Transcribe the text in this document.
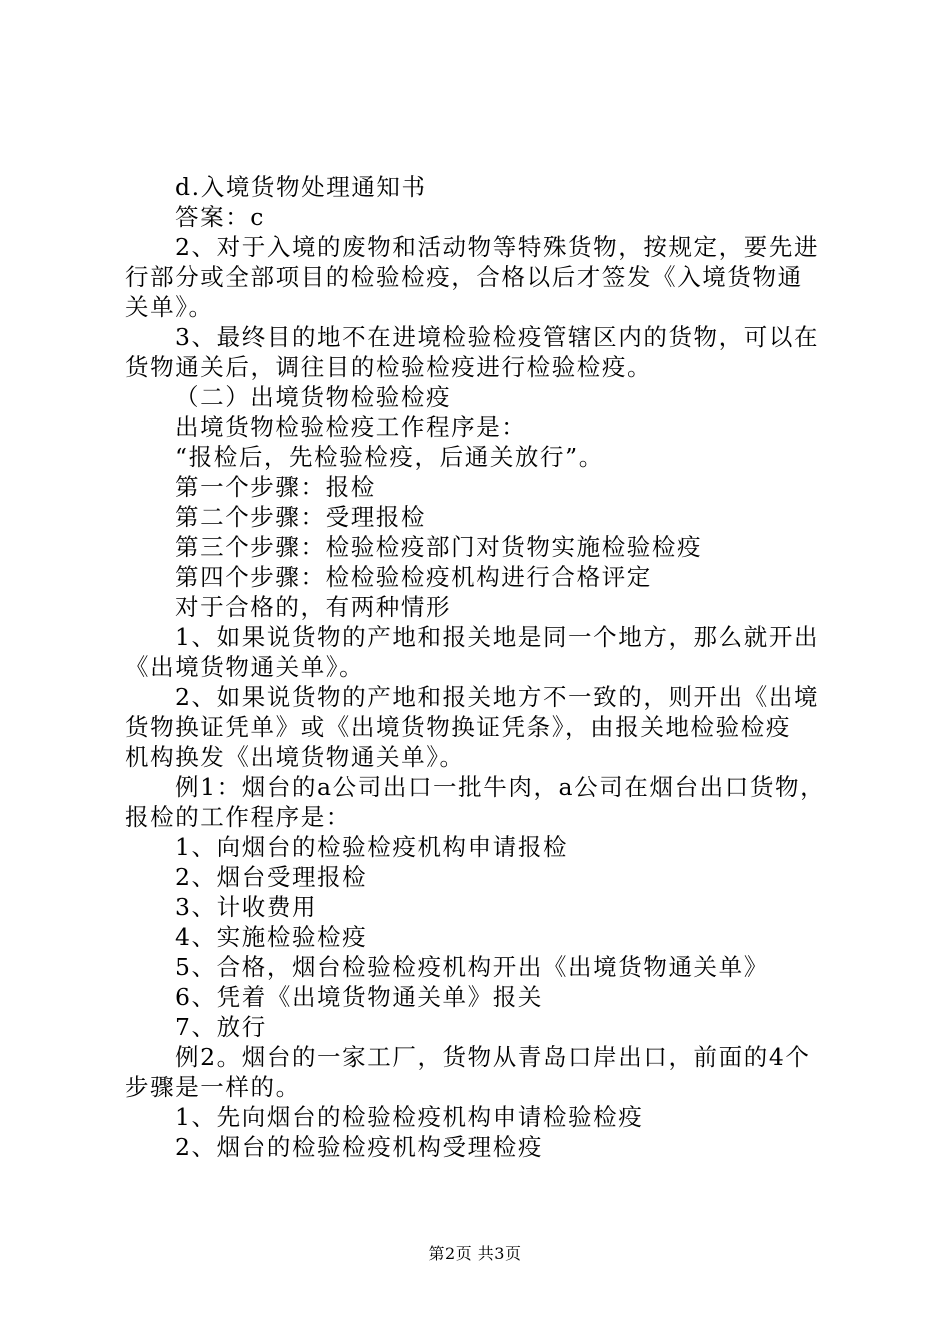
d.入境货物处理通知书
答案：c
2、对于入境的废物和活动物等特殊货物，按规定，要先进
行部分或全部项目的检验检疫，合格以后才签发《入境货物通
关单》。
3、最终目的地不在进境检验检疫管辖区内的货物，可以在
货物通关后，调往目的检验检疫进行检验检疫。
（二）出境货物检验检疫
出境货物检验检疫工作程序是：
“报检后，先检验检疫，后通关放行”。
第一个步骤：报检
第二个步骤：受理报检
第三个步骤：检验检疫部门对货物实施检验检疫
第四个步骤：检检验检疫机构进行合格评定
对于合格的，有两种情形
1、如果说货物的产地和报关地是同一个地方，那么就开出
《出境货物通关单》。
2、如果说货物的产地和报关地方不一致的，则开出《出境
货物换证凭单》或《出境货物换证凭条》，由报关地检验检疫
机构换发《出境货物通关单》。
例1：烟台的a公司出口一批牛肉，a公司在烟台出口货物，
报检的工作程序是：
1、向烟台的检验检疫机构申请报检
2、烟台受理报检
3、计收费用
4、实施检验检疫
5、合格，烟台检验检疫机构开出《出境货物通关单》
6、凭着《出境货物通关单》报关
7、放行
例2。烟台的一家工厂，货物从青岛口岸出口，前面的4个
步骤是一样的。
1、先向烟台的检验检疫机构申请检验检疫
2、烟台的检验检疫机构受理检疫
第2页 共3页
